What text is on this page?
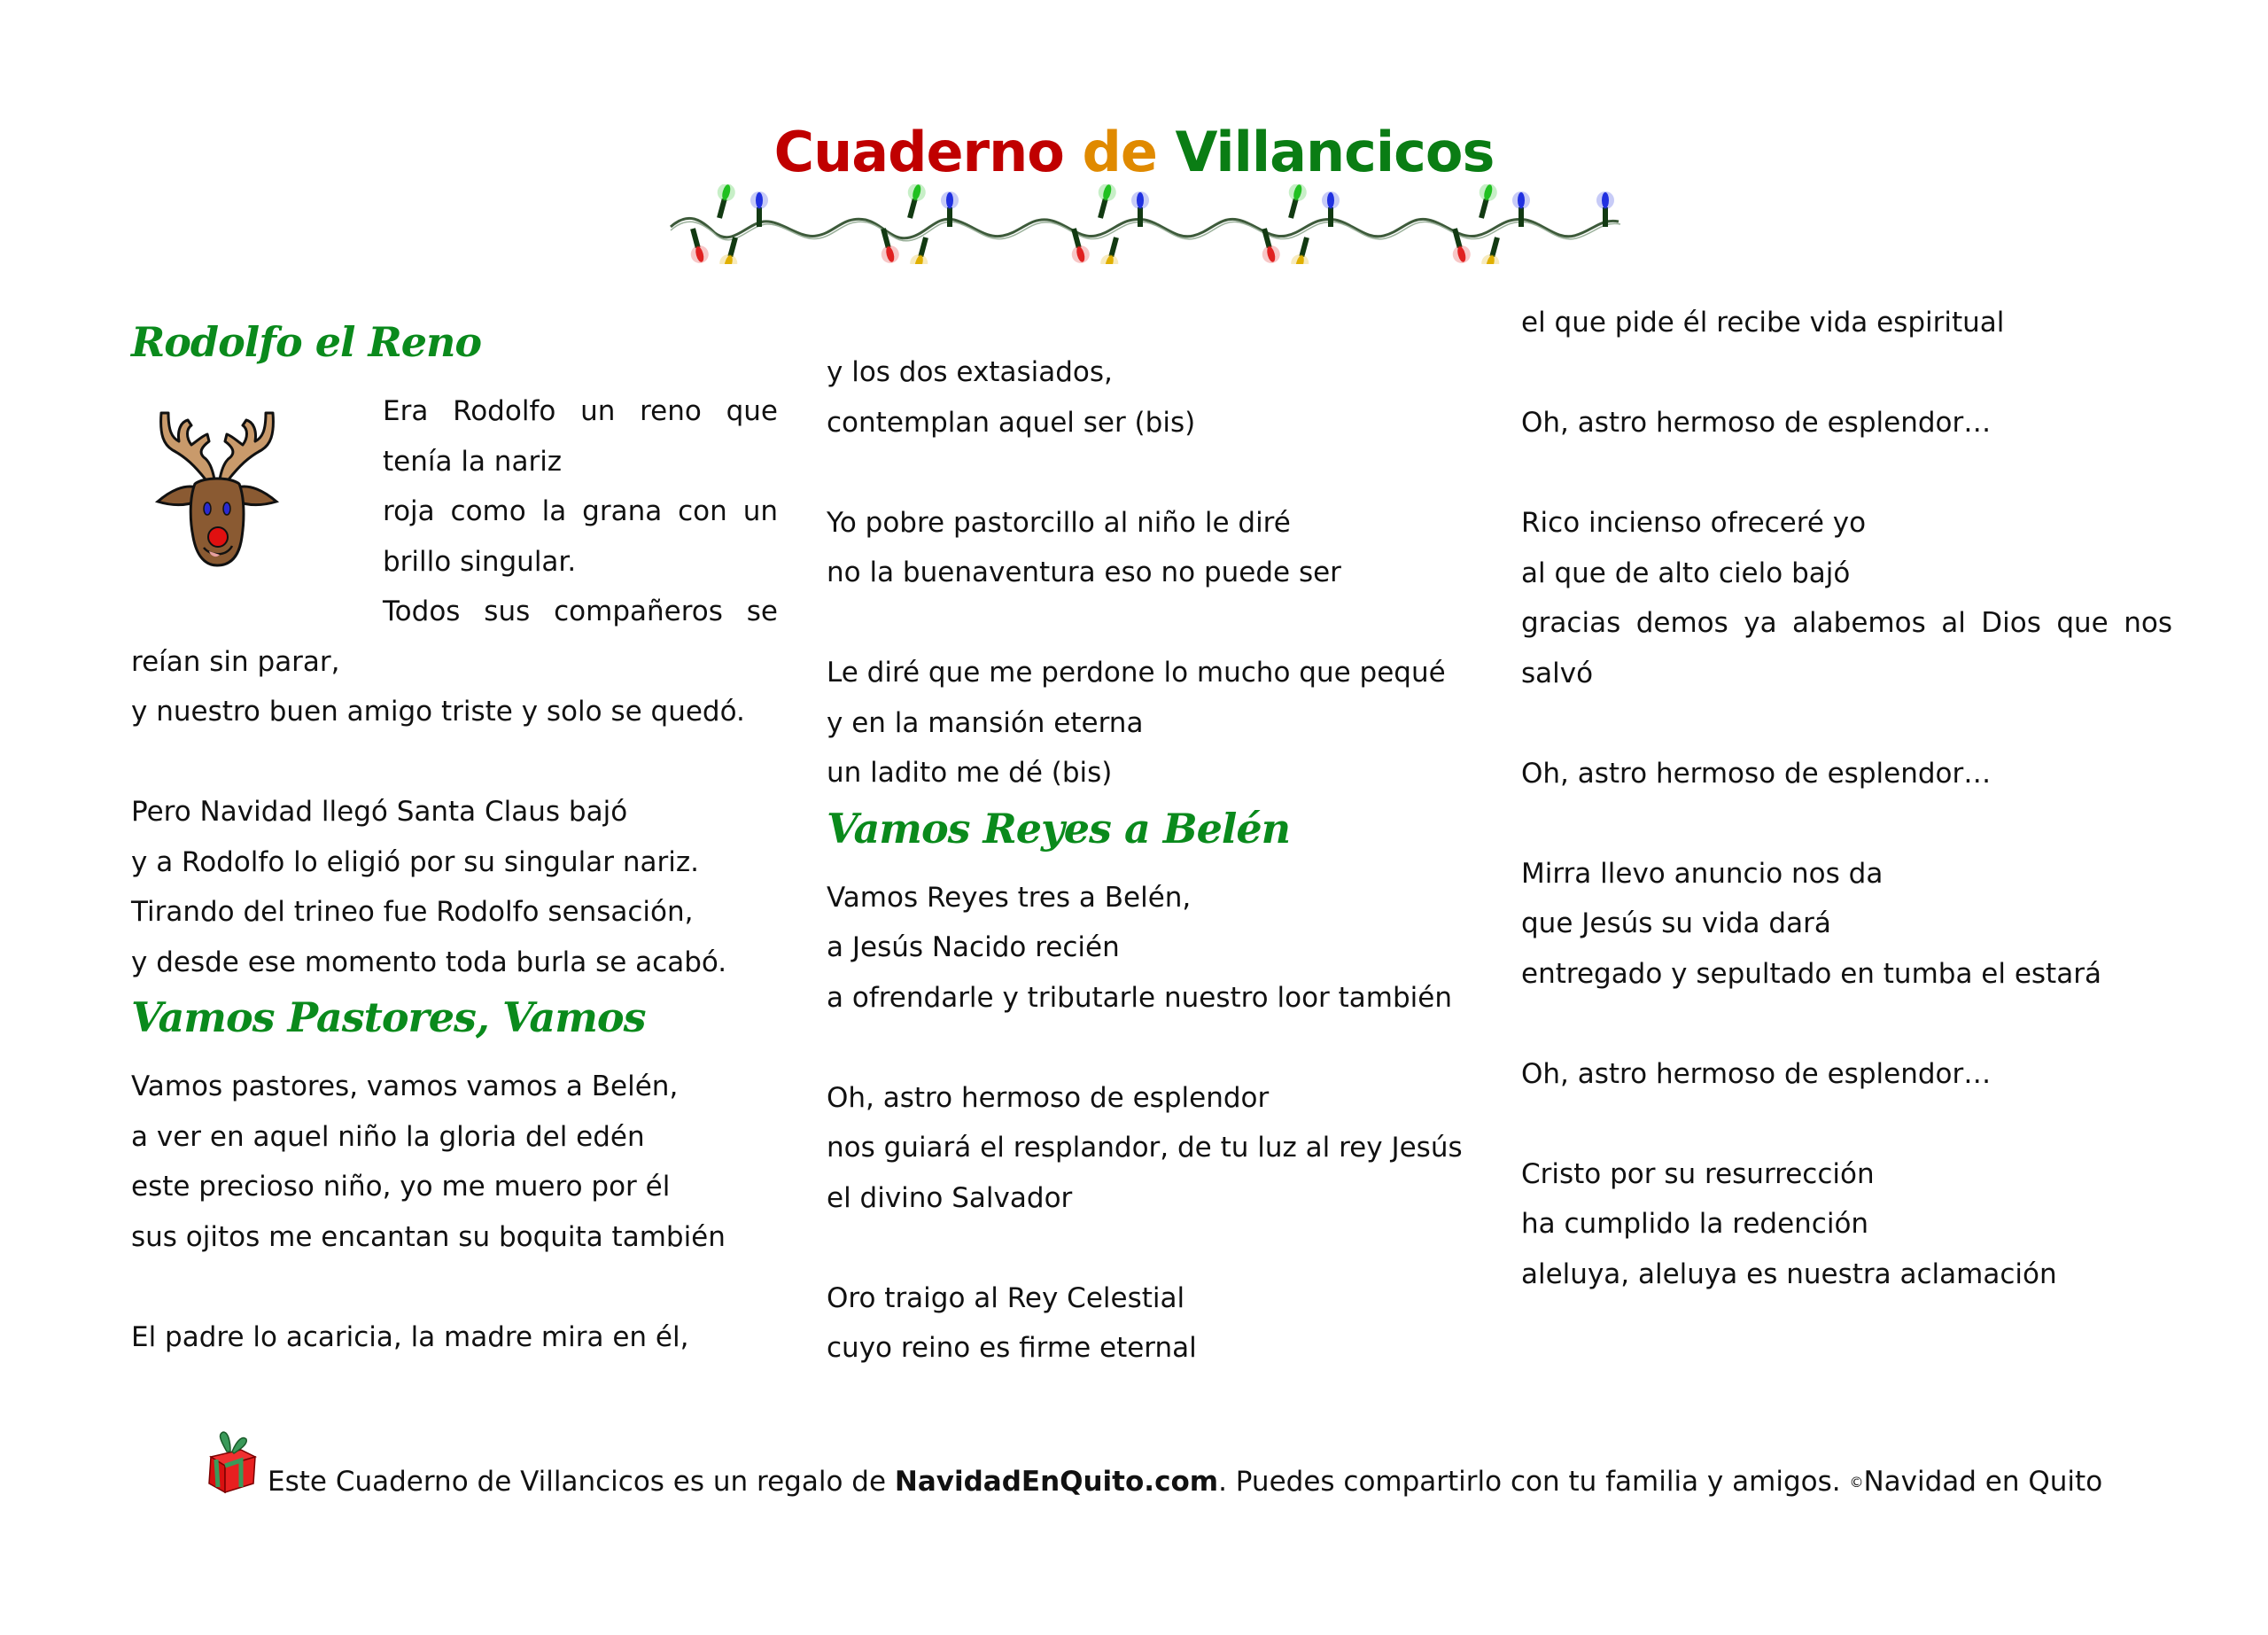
Cuaderno de Villancicos
Rodolfo el Reno
Era Rodolfo un reno que
tenía la nariz
roja como la grana con un
brillo singular.
Todos sus compañeros se
reían sin parar,
y nuestro buen amigo triste y solo se quedó.
Pero Navidad llegó Santa Claus bajó
y a Rodolfo lo eligió por su singular nariz.
Tirando del trineo fue Rodolfo sensación,
y desde ese momento toda burla se acabó.
Vamos Pastores, Vamos
Vamos pastores, vamos vamos a Belén,
a ver en aquel niño la gloria del edén
este precioso niño, yo me muero por él
sus ojitos me encantan su boquita también
El padre lo acaricia, la madre mira en él,
y los dos extasiados,
contemplan aquel ser (bis)
Yo pobre pastorcillo al niño le diré
no la buenaventura eso no puede ser
Le diré que me perdone lo mucho que pequé
y en la mansión eterna
un ladito me dé (bis)
Vamos Reyes a Belén
Vamos Reyes tres a Belén,
a Jesús Nacido recién
a ofrendarle y tributarle nuestro loor también
Oh, astro hermoso de esplendor
nos guiará el resplandor, de tu luz al rey Jesús
el divino Salvador
Oro traigo al Rey Celestial
cuyo reino es firme eternal
el que pide él recibe vida espiritual
Oh, astro hermoso de esplendor…
Rico incienso ofreceré yo
al que de alto cielo bajó
gracias demos ya alabemos al Dios que nos
salvó
Oh, astro hermoso de esplendor…
Mirra llevo anuncio nos da
que Jesús su vida dará
entregado y sepultado en tumba el estará
Oh, astro hermoso de esplendor…
Cristo por su resurrección
ha cumplido la redención
aleluya, aleluya es nuestra aclamación
Este Cuaderno de Villancicos es un regalo de NavidadEnQuito.com. Puedes compartirlo con tu familia y amigos. ©Navidad en Quito
